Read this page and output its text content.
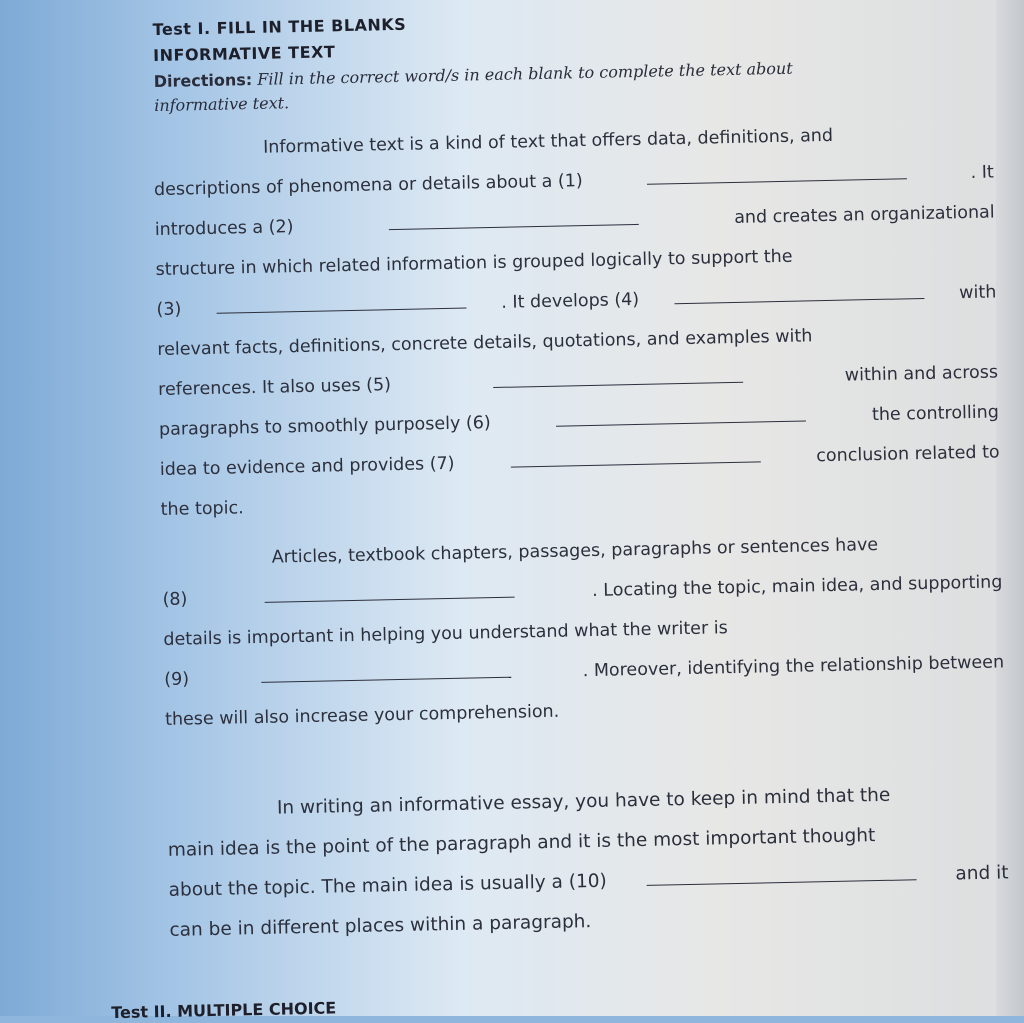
Test I. FILL IN THE BLANKS
INFORMATIVE TEXT
Directions: Fill in the correct word/s in each blank to complete the text about
informative text.
Informative text is a kind of text that offers data, definitions, and
descriptions of phenomena or details about a (1)	. It
introduces a (2)
and creates an organizational
structure in which related information is grouped logically to support the
(3)	. It develops (4)	with
relevant facts, definitions, concrete details, quotations, and examples with
references. It also uses (5)
within and across
paragraphs to smoothly purposely (6)	the controlling
idea to evidence and provides (7)	conclusion related to
the topic.
Articles, textbook chapters, passages, paragraphs or sentences have
(8)	. Locating the topic, main idea, and supporting
details is important in helping you understand what the writer is
(9)	. Moreover, identifying the relationship between
these will also increase your comprehension.
In writing an informative essay, you have to keep in mind that the
main idea is the point of the paragraph and it is the most important thought
about the topic. The main idea is usually a (10)	and it
can be in different places within a paragraph.
Test II. MULTIPLE CHOICE
